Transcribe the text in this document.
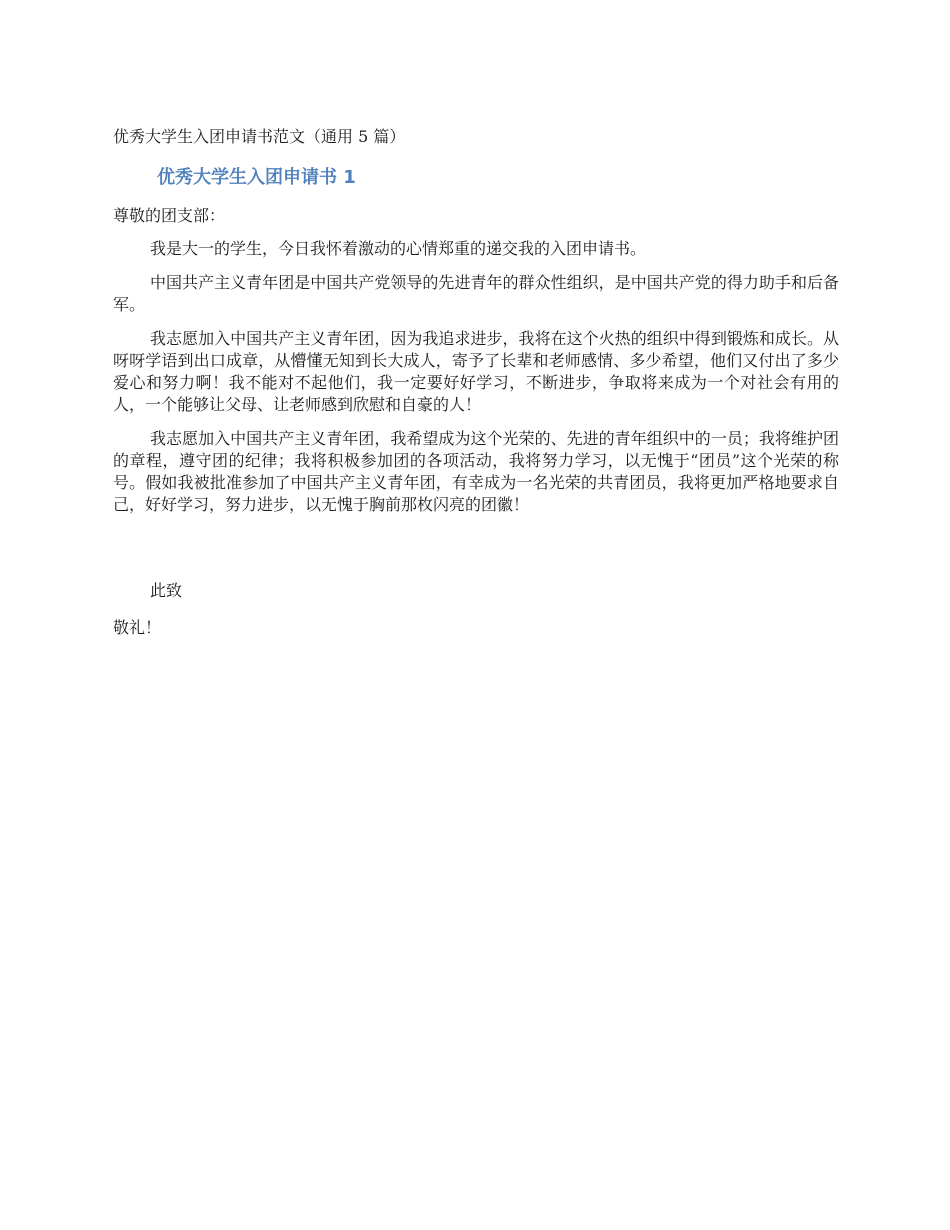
优秀大学生入团申请书范文（通用 5 篇）
优秀大学生入团申请书 1
尊敬的团支部：

我是大一的学生，今日我怀着激动的心情郑重的递交我的入团申请书。

中国共产主义青年团是中国共产党领导的先进青年的群众性组织，是中国共产党的得力助手和后备军。

我志愿加入中国共产主义青年团，因为我追求进步，我将在这个火热的组织中得到锻炼和成长。从呀呀学语到出口成章，从懵懂无知到长大成人，寄予了长辈和老师感情、多少希望，他们又付出了多少爱心和努力啊！我不能对不起他们，我一定要好好学习，不断进步，争取将来成为一个对社会有用的人，一个能够让父母、让老师感到欣慰和自豪的人！

我志愿加入中国共产主义青年团，我希望成为这个光荣的、先进的青年组织中的一员；我将维护团的章程，遵守团的纪律；我将积极参加团的各项活动，我将努力学习，以无愧于“团员”这个光荣的称号。假如我被批准参加了中国共产主义青年团，有幸成为一名光荣的共青团员，我将更加严格地要求自己，好好学习，努力进步，以无愧于胸前那枚闪亮的团徽！

此致
敬礼！
